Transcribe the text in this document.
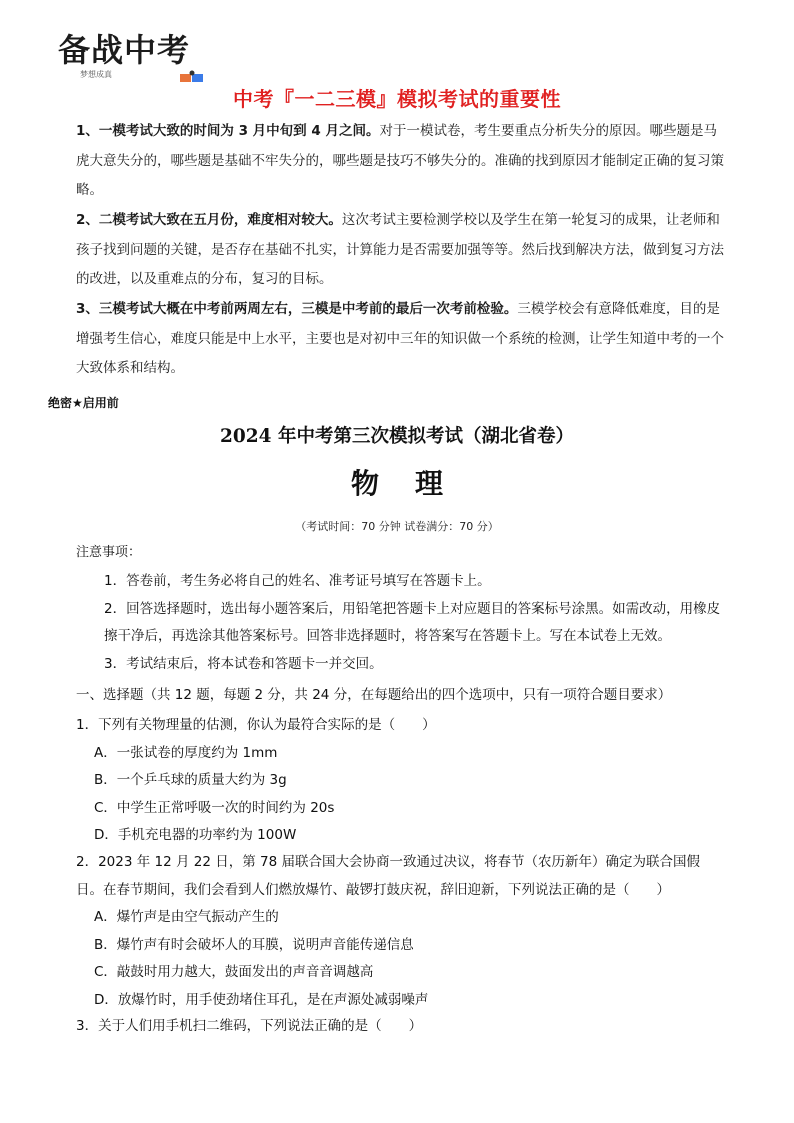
备战中考
梦想成真
中考『一二三模』模拟考试的重要性
1、一模考试大致的时间为 3 月中旬到 4 月之间。对于一模试卷，考生要重点分析失分的原因。哪些题是马虎大意失分的，哪些题是基础不牢失分的，哪些题是技巧不够失分的。准确的找到原因才能制定正确的复习策略。
2、二模考试大致在五月份，难度相对较大。这次考试主要检测学校以及学生在第一轮复习的成果，让老师和孩子找到问题的关键，是否存在基础不扎实，计算能力是否需要加强等等。然后找到解决方法，做到复习方法的改进，以及重难点的分布，复习的目标。
3、三模考试大概在中考前两周左右，三模是中考前的最后一次考前检验。三模学校会有意降低难度，目的是增强考生信心，难度只能是中上水平，主要也是对初中三年的知识做一个系统的检测，让学生知道中考的一个大致体系和结构。
绝密★启用前
2024 年中考第三次模拟考试（湖北省卷）
物理
（考试时间：70 分钟 试卷满分：70 分）
注意事项：
1．答卷前，考生务必将自己的姓名、准考证号填写在答题卡上。
2．回答选择题时，选出每小题答案后，用铅笔把答题卡上对应题目的答案标号涂黑。如需改动，用橡皮擦干净后，再选涂其他答案标号。回答非选择题时，将答案写在答题卡上。写在本试卷上无效。
3．考试结束后，将本试卷和答题卡一并交回。
一、选择题（共 12 题，每题 2 分，共 24 分，在每题给出的四个选项中，只有一项符合题目要求）
1．下列有关物理量的估测，你认为最符合实际的是（　　）
A．一张试卷的厚度约为 1mm
B．一个乒乓球的质量大约为 3g
C．中学生正常呼吸一次的时间约为 20s
D．手机充电器的功率约为 100W
2．2023 年 12 月 22 日，第 78 届联合国大会协商一致通过决议，将春节（农历新年）确定为联合国假日。在春节期间，我们会看到人们燃放爆竹、敲锣打鼓庆祝，辞旧迎新，下列说法正确的是（　　）
A．爆竹声是由空气振动产生的
B．爆竹声有时会破坏人的耳膜，说明声音能传递信息
C．敲鼓时用力越大，鼓面发出的声音音调越高
D．放爆竹时，用手使劲堵住耳孔，是在声源处减弱噪声
3．关于人们用手机扫二维码，下列说法正确的是（　　）
